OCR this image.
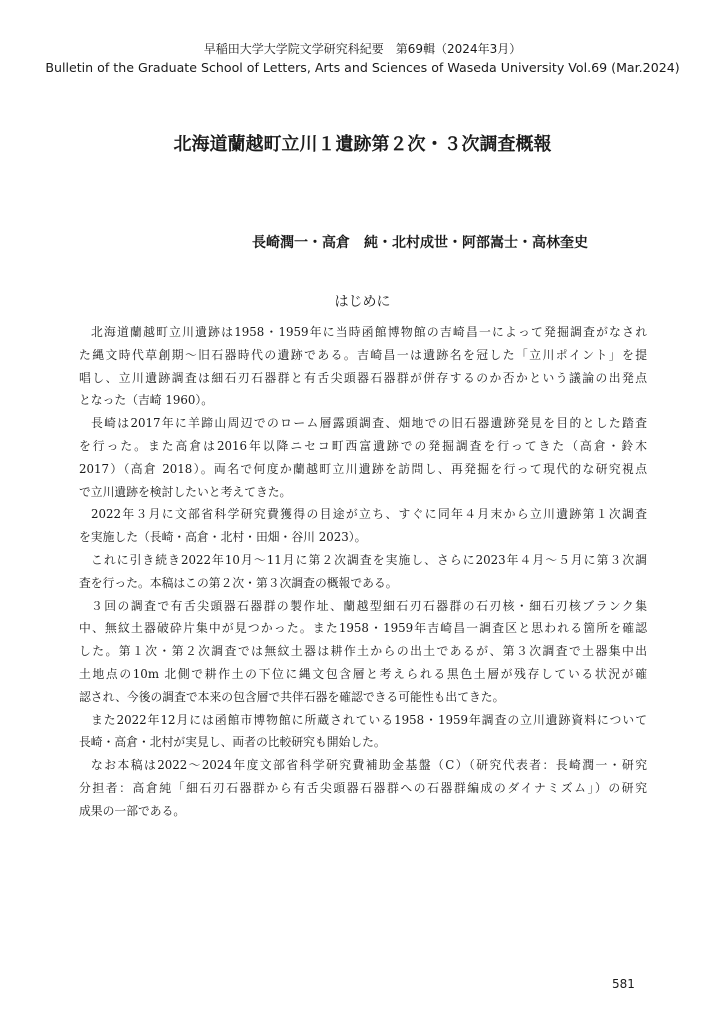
早稲田大学大学院文学研究科紀要　第69輯（2024年3月）
Bulletin of the Graduate School of Letters, Arts and Sciences of Waseda University Vol.69 (Mar.2024)
北海道蘭越町立川１遺跡第２次・３次調査概報
長崎潤一・高倉　純・北村成世・阿部嵩士・高林奎史
はじめに
北海道蘭越町立川遺跡は1958・1959年に当時函館博物館の吉崎昌一によって発掘調査がなされ
た縄文時代草創期～旧石器時代の遺跡である。吉崎昌一は遺跡名を冠した「立川ポイント」を提
唱し、立川遺跡調査は細石刃石器群と有舌尖頭器石器群が併存するのか否かという議論の出発点
となった（吉崎 1960）。
長崎は2017年に羊蹄山周辺でのローム層露頭調査、畑地での旧石器遺跡発見を目的とした踏査
を行った。また高倉は2016年以降ニセコ町西富遺跡での発掘調査を行ってきた（高倉・鈴木
2017）（高倉 2018）。両名で何度か蘭越町立川遺跡を訪問し、再発掘を行って現代的な研究視点
で立川遺跡を検討したいと考えてきた。
2022年３月に文部省科学研究費獲得の目途が立ち、すぐに同年４月末から立川遺跡第１次調査
を実施した（長崎・高倉・北村・田畑・谷川 2023）。
これに引き続き2022年10月～11月に第２次調査を実施し、さらに2023年４月～５月に第３次調
査を行った。本稿はこの第２次・第３次調査の概報である。
３回の調査で有舌尖頭器石器群の製作址、蘭越型細石刃石器群の石刃核・細石刃核ブランク集
中、無紋土器破砕片集中が見つかった。また1958・1959年吉崎昌一調査区と思われる箇所を確認
した。第１次・第２次調査では無紋土器は耕作土からの出土であるが、第３次調査で土器集中出
土地点の10m 北側で耕作土の下位に縄文包含層と考えられる黒色土層が残存している状況が確
認され、今後の調査で本来の包含層で共伴石器を確認できる可能性も出てきた。
また2022年12月には函館市博物館に所蔵されている1958・1959年調査の立川遺跡資料について
長崎・高倉・北村が実見し、両者の比較研究も開始した。
なお本稿は2022～2024年度文部省科学研究費補助金基盤（C）（研究代表者：長崎潤一・研究
分担者：高倉純「細石刃石器群から有舌尖頭器石器群への石器群編成のダイナミズム」）の研究
成果の一部である。
581
